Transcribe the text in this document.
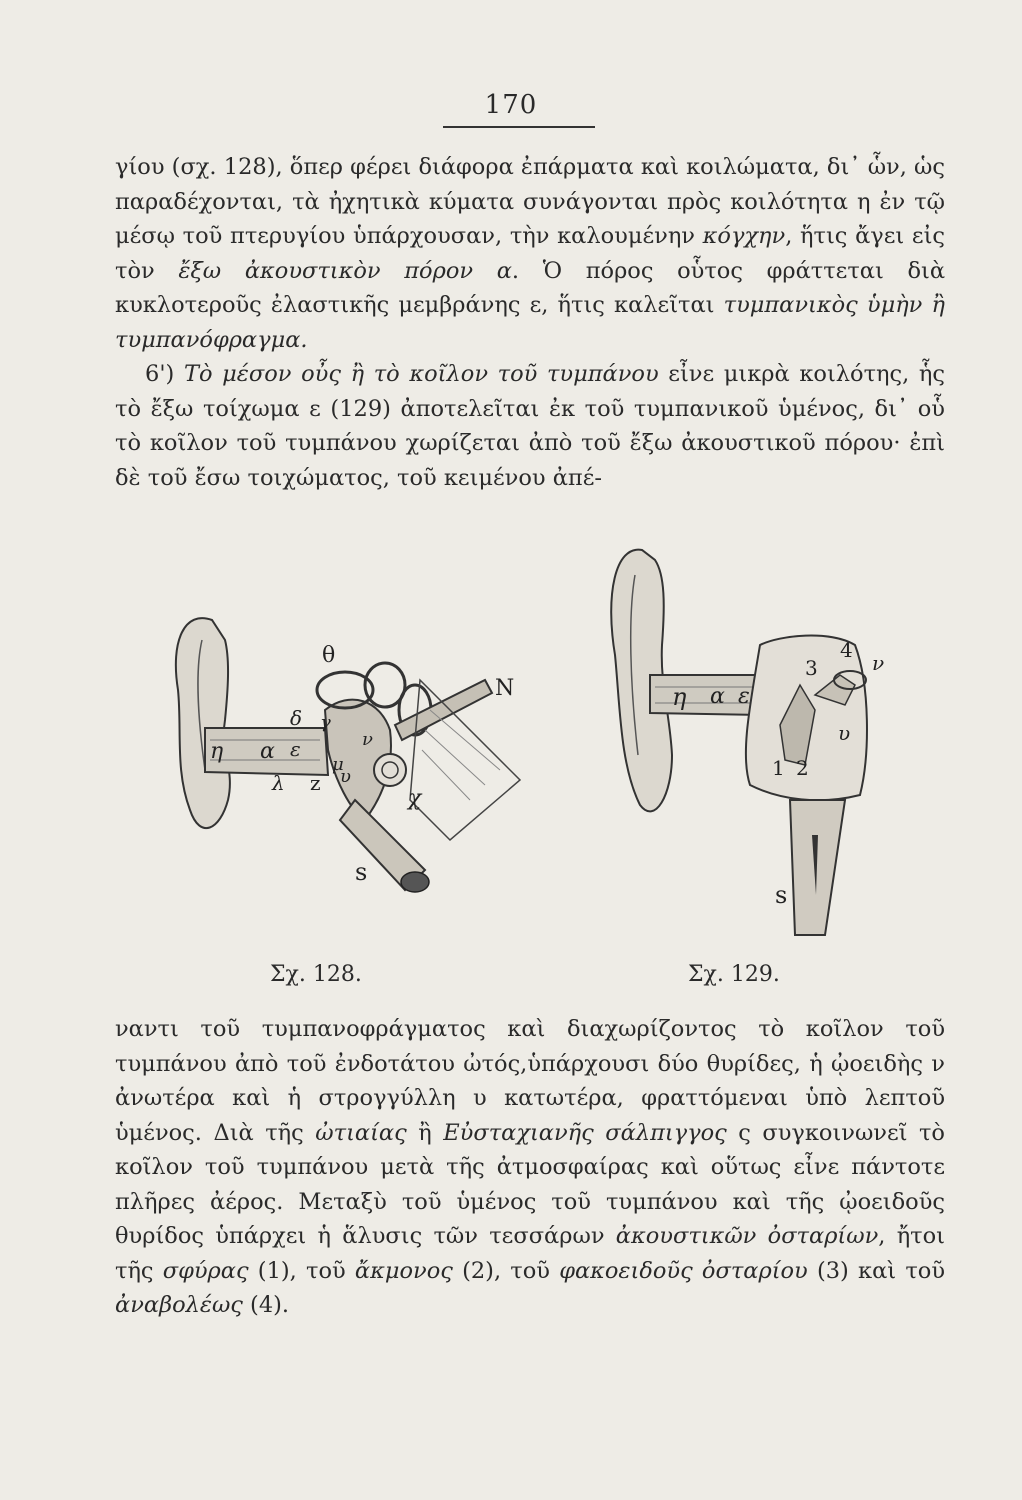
170

γίου (σχ. 128), ὅπερ φέρει διάφορα ἐπάρματα καὶ κοιλώματα, δι᾽ ὧν, ὡς παραδέχονται, τὰ ἠχητικὰ κύματα συνάγονται πρὸς κοιλότητα η ἐν τῷ μέσῳ τοῦ πτερυγίου ὑπάρχουσαν, τὴν καλουμένην κόγχην, ἥτις ἄγει εἰς τὸν ἔξω ἀκουστικὸν πόρον α. Ὁ πόρος οὗτος φράττεται διὰ κυκλοτεροῦς ἐλαστικῆς μεμβράνης ε, ἥτις καλεῖται τυμπανικὸς ὑμὴν ἢ τυμπανόφραγμα.

6') Τὸ μέσον οὖς ἢ τὸ κοῖλον τοῦ τυμπάνου εἶνε μικρὰ κοιλότης, ἧς τὸ ἔξω τοίχωμα ε (129) ἀποτελεῖται ἐκ τοῦ τυμπανικοῦ ὑμένος, δι᾽ οὗ τὸ κοῖλον τοῦ τυμπάνου χωρίζεται ἀπὸ τοῦ ἔξω ἀκουστικοῦ πόρου· ἐπὶ δὲ τοῦ ἔσω τοιχώματος, τοῦ κειμένου ἀπέ-

θ
N
δ γ
ν
η α ε
μ
λ z υ
χ
s
η α ε
3
4
ν
1 2
υ
s
Σχ. 128.	Σχ. 129.

ναντι τοῦ τυμπανοφράγματος καὶ διαχωρίζοντος τὸ κοῖλον τοῦ τυμπάνου ἀπὸ τοῦ ἐνδοτάτου ὠτός,ὑπάρχουσι δύο θυρίδες, ἡ ᾠοειδὴς ν ἀνωτέρα καὶ ἡ στρογγύλλη υ κατωτέρα, φραττόμεναι ὑπὸ λεπτοῦ ὑμένος. Διὰ τῆς ὠτιαίας ἢ Εὐσταχιανῆς σάλπιγγος ς συγκοινωνεῖ τὸ κοῖλον τοῦ τυμπάνου μετὰ τῆς ἀτμοσφαίρας καὶ οὕτως εἶνε πάντοτε πλῆρες ἀέρος. Μεταξὺ τοῦ ὑμένος τοῦ τυμπάνου καὶ τῆς ᾠοειδοῦς θυρίδος ὑπάρχει ἡ ἅλυσις τῶν τεσσάρων ἀκουστικῶν ὀσταρίων, ἤτοι τῆς σφύρας (1), τοῦ ἄκμονος (2), τοῦ φακοειδοῦς ὀσταρίου (3) καὶ τοῦ ἀναβολέως (4).
